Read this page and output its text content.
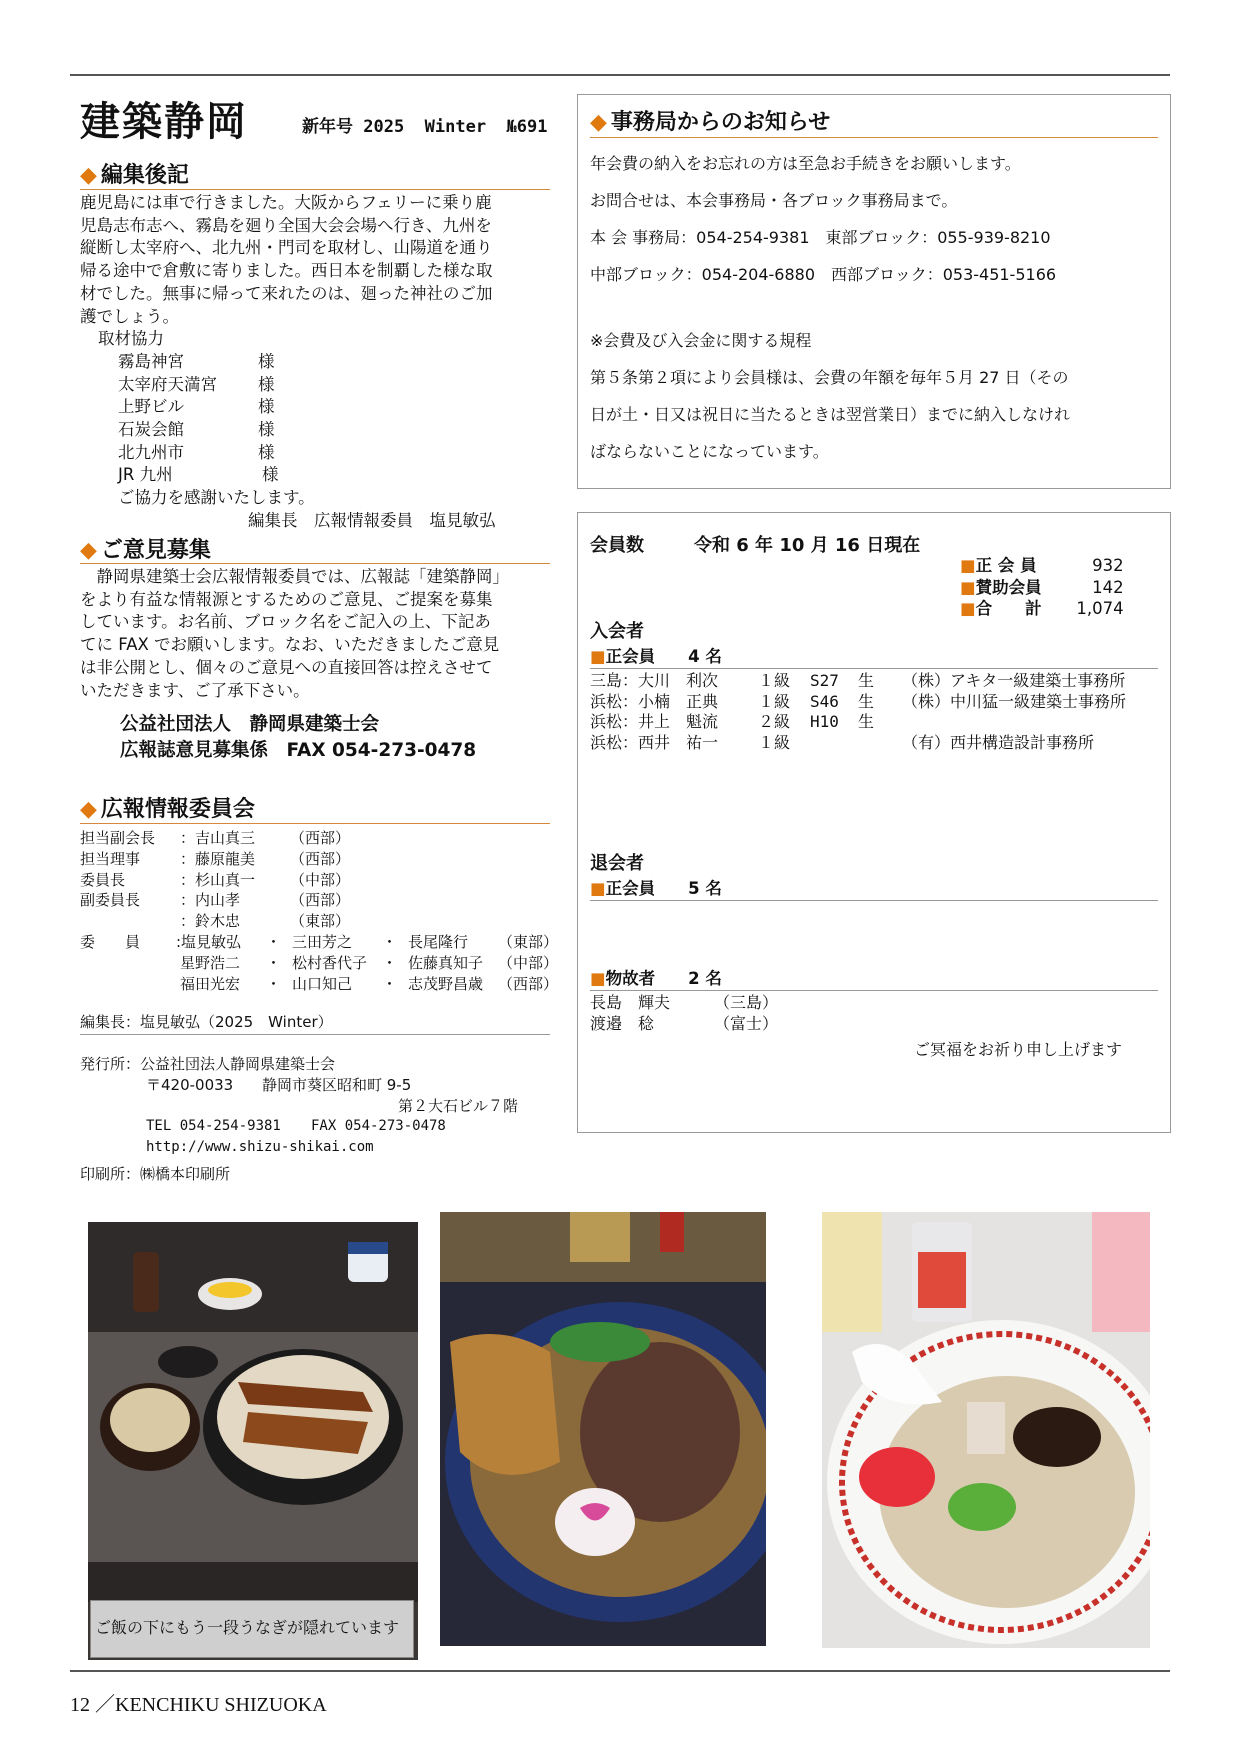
建築静岡	新年号 2025  Winter  №691
◆ 編集後記
鹿児島には車で行きました。大阪からフェリーに乗り鹿
児島志布志へ、霧島を廻り全国大会会場へ行き、九州を
縦断し太宰府へ、北九州・門司を取材し、山陽道を通り
帰る途中で倉敷に寄りました。西日本を制覇した様な取
材でした。無事に帰って来れたのは、廻った神社のご加
護でしょう。
取材協力
霧島神宮	様
太宰府天満宮 様
上野ビル	様
石炭会館	様
北九州市	様
JR 九州	様
ご協力を感謝いたします。
編集長　広報情報委員　塩見敏弘
◆ ご意見募集
　静岡県建築士会広報情報委員では、広報誌「建築静岡」
をより有益な情報源とするためのご意見、ご提案を募集
しています。お名前、ブロック名をご記入の上、下記あ
てに FAX でお願いします。なお、いただきましたご意見
は非公開とし、個々のご意見への直接回答は控えさせて
いただきます、ご了承下さい。
公益社団法人　静岡県建築士会
広報誌意見募集係　FAX 054-273-0478
◆ 広報情報委員会
担当副会長 ：吉山真三 （西部）
担当理事	：藤原龍美 （西部）
委員長	：杉山真一 （中部）
副委員長	：内山孝	（西部）
：鈴木忠	（東部）
委　　員 :塩見敏弘 ・ 三田芳之 ・ 長尾隆行 （東部）
星野浩二 ・ 松村香代子 ・ 佐藤真知子 （中部）
福田光宏 ・ 山口知己 ・ 志茂野昌歳 （西部）
編集長：塩見敏弘（2025　Winter）
発行所：公益社団法人静岡県建築士会
〒420-0033 静岡市葵区昭和町 9-5
第２大石ビル７階
TEL 054-254-9381 FAX 054-273-0478
http://www.shizu-shikai.com
印刷所：㈱橋本印刷所
◆ 事務局からのお知らせ
年会費の納入をお忘れの方は至急お手続きをお願いします。
お問合せは、本会事務局・各ブロック事務局まで。
本 会 事務局：054-254-9381　東部ブロック：055-939-8210
中部ブロック：054-204-6880　西部ブロック：053-451-5166
※会費及び入会金に関する規程
第５条第２項により会員様は、会費の年額を毎年５月 27 日（その
日が土・日又は祝日に当たるときは翌営業日）までに納入しなけれ
ばならないことになっています。
会員数	令和 6 年 10 月 16 日現在
■正 会 員	932
■賛助会員	142
■合　　計 1,074
入会者
■正会員　　4 名
三島：大川　利次 １級 S27 生 （株）アキタ一級建築士事務所
浜松：小楠　正典 １級 S46 生 （株）中川猛一級建築士事務所
浜松：井上　魁流 ２級 H10 生
浜松：西井　祐一 １級	（有）西井構造設計事務所
退会者
■正会員　　5 名
■物故者　　2 名
長島　輝夫	（三島）
渡邉　稔	（富士）
ご冥福をお祈り申し上げます
ご飯の下にもう一段うなぎが隠れています
12 ／KENCHIKU SHIZUOKA
